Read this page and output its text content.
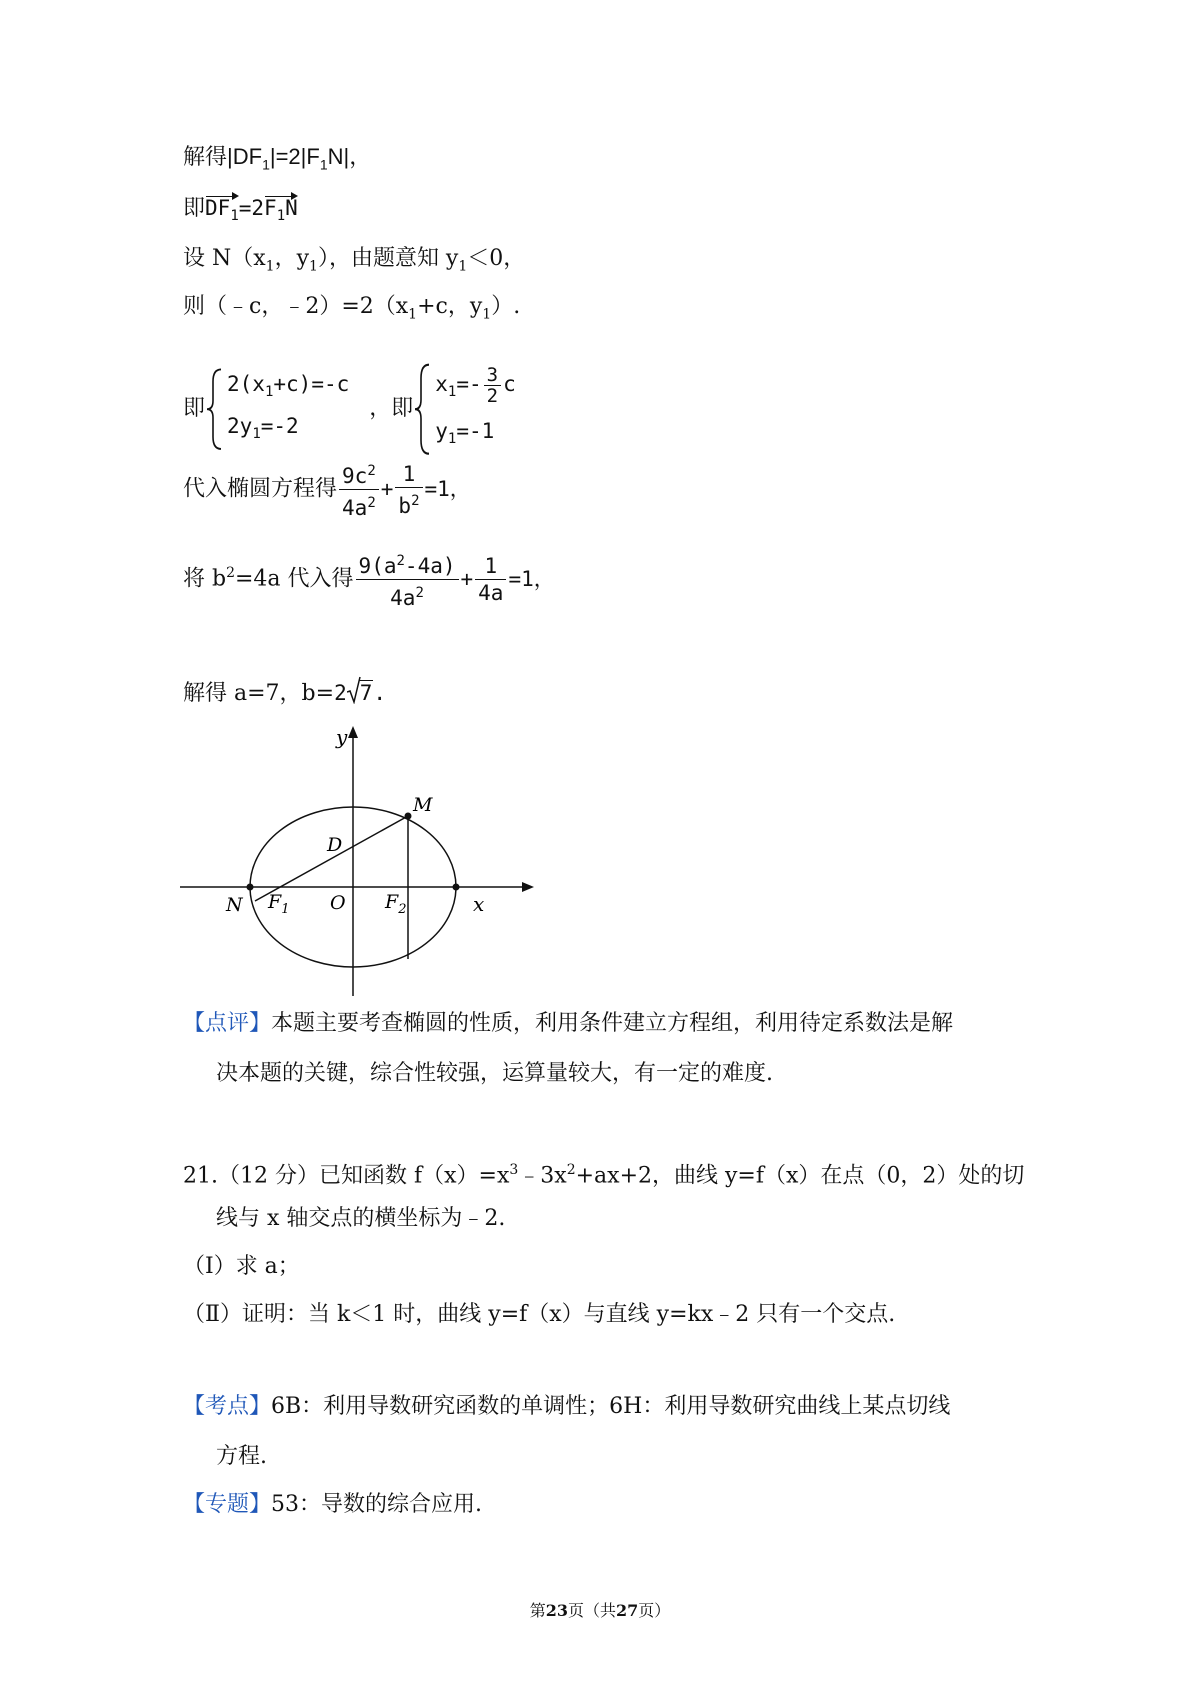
解得$|DF_1|=2|F_1N|$，
即$DF_1=2F_1N$
设 $N(x_1$，$y_1$），由题意知 $y_1<0$，
则（﹣c，$﹣2)=2(x_1+c$，$y_1$）.
即
$2(x_1+c)=-c$
$2y_1=-2$
，即
$x_1=- \frac{3}{2}$ c
$y_1=-1$
代入椭圆方程得 $\frac{9c^2}{4a^2} + \frac{1}{b^2} =1$，
将 $b^2=4a$ 代入得 $\frac{9(a^2-4a)}{4a^2} + \frac{1}{4a} =1$，
解得 a=7，b=2 7.
y
x
M
D
N $F_1$ O $F_2$
【点评】本题主要考查椭圆的性质，利用条件建立方程组，利用待定系数法是解
决本题的关键，综合性较强，运算量较大，有一定的难度.
21.（12 分）已知函数 $f(x)=x^3﹣3x^2+ax+2$，曲线 y=f（x）在点（0，2）处的切
线与 x 轴交点的横坐标为﹣2.
（Ⅰ）求 a；
（Ⅱ）证明：当 k＜1 时，曲线 y=f（x）与直线 y=kx﹣2 只有一个交点.
【考点】6B：利用导数研究函数的单调性；6H：利用导数研究曲线上某点切线
方程.
【专题】53：导数的综合应用.
第23页（共27页）
